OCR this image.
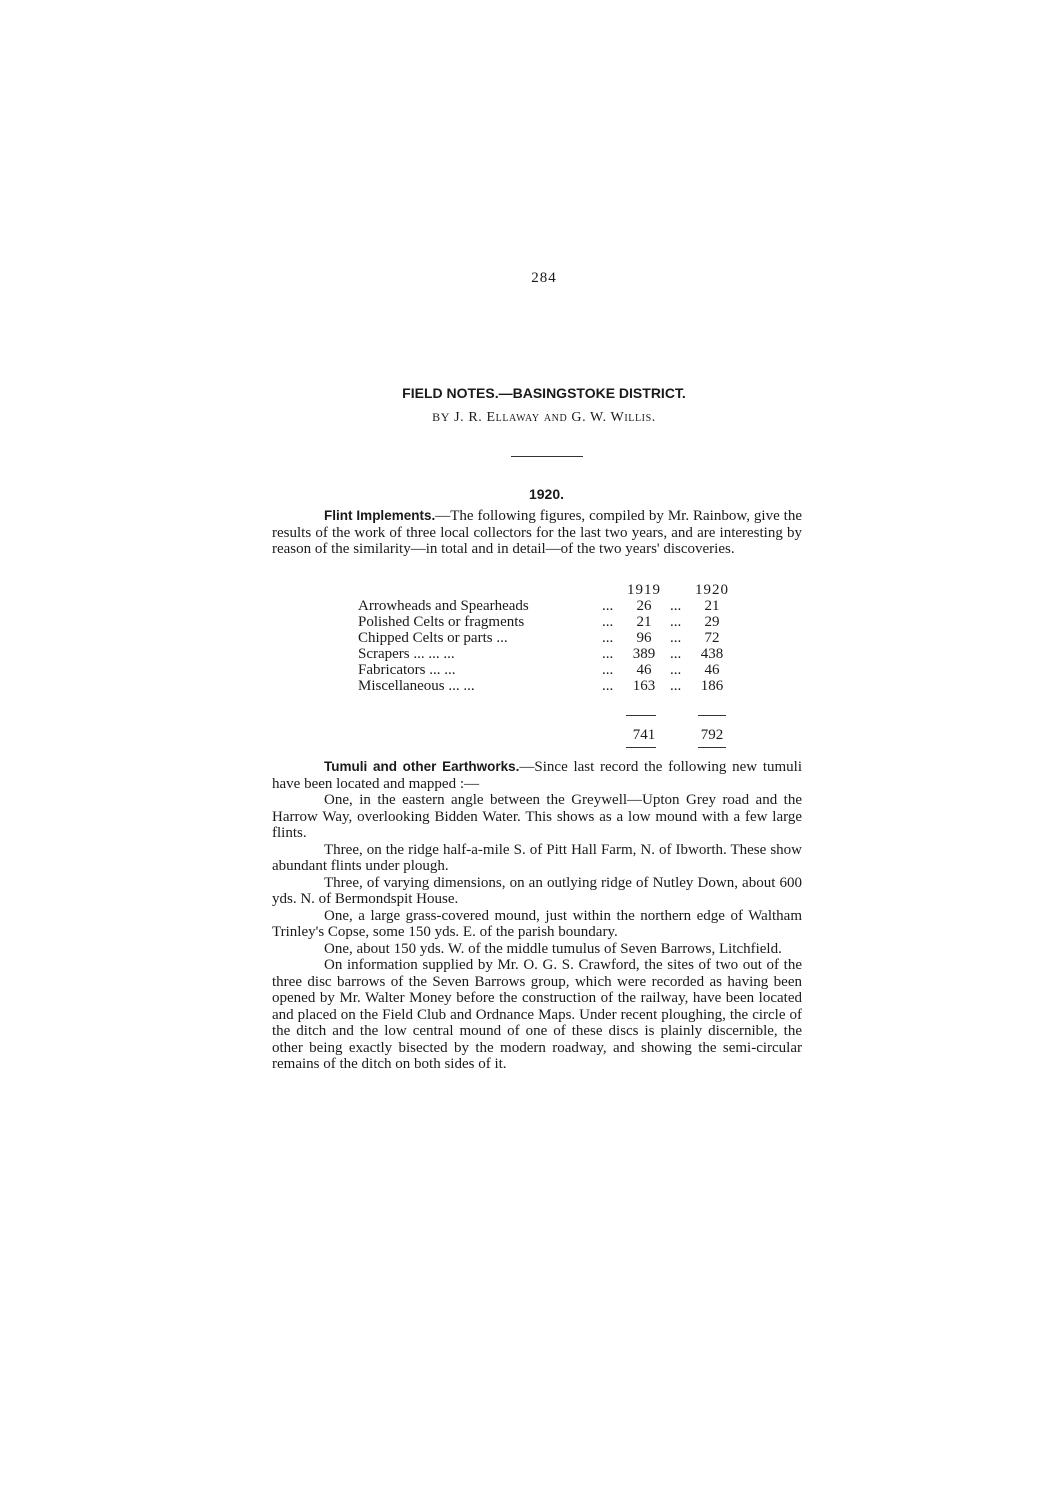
284
FIELD NOTES.—BASINGSTOKE DISTRICT.
BY J. R. Ellaway and G. W. Willis.
1920.

Flint Implements.—The following figures, compiled by Mr. Rainbow, give the results of the work of three local collectors for the last two years, and are interesting by reason of the similarity—in total and in detail—of the two years' discoveries.

1919 1920
Arrowheads and Spearheads	...	26	...	21
Polished Celts or fragments	...	21	...	29
Chipped Celts or parts ...	...	96	...	72
Scrapers ... ... ...	...	389 ...	438
Fabricators ... ...	...	46	...	46
Miscellaneous ... ...	...	163 ...	186
741	792

Tumuli and other Earthworks.—Since last record the following new tumuli have been located and mapped :—

One, in the eastern angle between the Greywell—Upton Grey road and the Harrow Way, overlooking Bidden Water. This shows as a low mound with a few large flints.

Three, on the ridge half-a-mile S. of Pitt Hall Farm, N. of Ibworth. These show abundant flints under plough.

Three, of varying dimensions, on an outlying ridge of Nutley Down, about 600 yds. N. of Bermondspit House.

One, a large grass-covered mound, just within the northern edge of Waltham Trinley's Copse, some 150 yds. E. of the parish boundary.

One, about 150 yds. W. of the middle tumulus of Seven Barrows, Litchfield.

On information supplied by Mr. O. G. S. Crawford, the sites of two out of the three disc barrows of the Seven Barrows group, which were recorded as having been opened by Mr. Walter Money before the construction of the railway, have been located and placed on the Field Club and Ordnance Maps. Under recent ploughing, the circle of the ditch and the low central mound of one of these discs is plainly discernible, the other being exactly bisected by the modern roadway, and showing the semi-circular remains of the ditch on both sides of it.
